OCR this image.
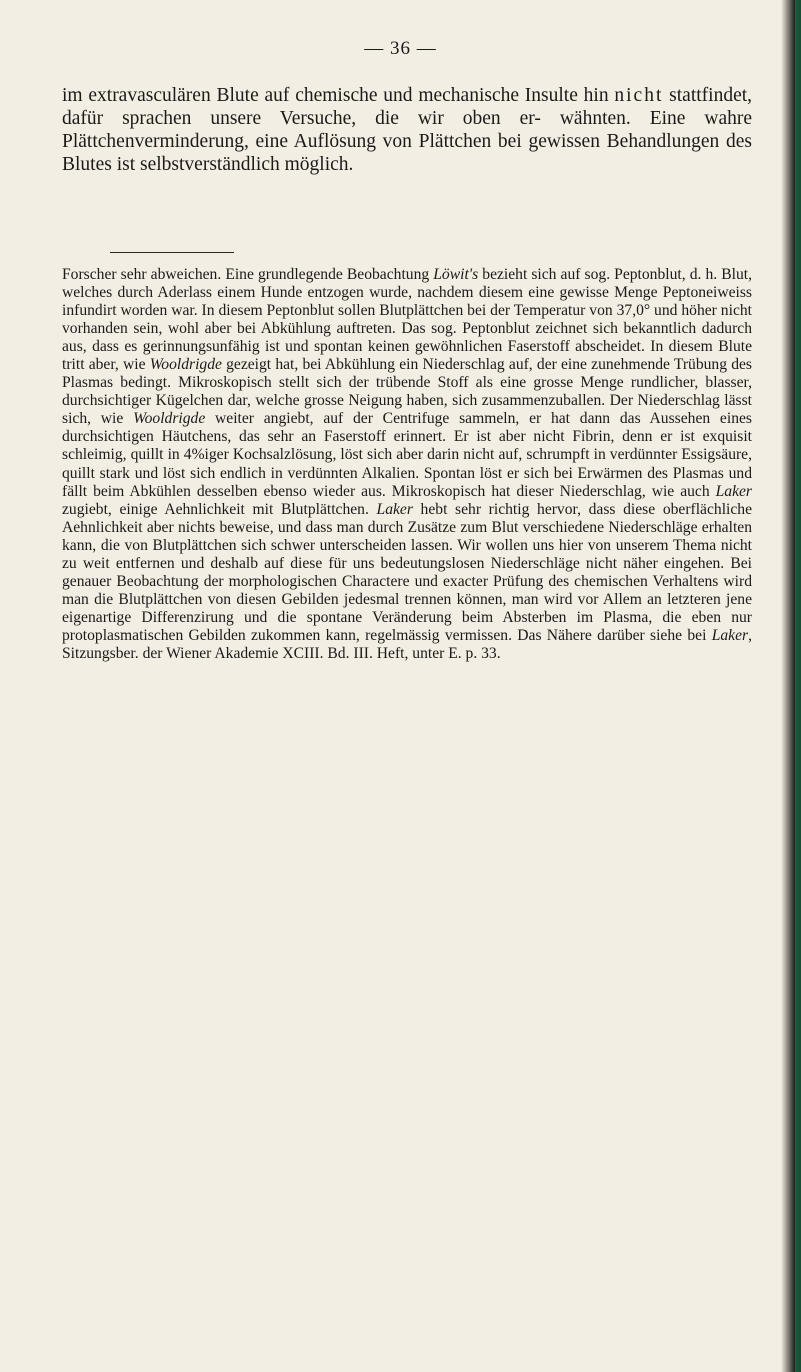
— 36 —

im extravasculären Blute auf chemische und mechanische Insulte hin nicht stattfindet, dafür sprachen unsere Versuche, die wir oben er- wähnten. Eine wahre Plättchenverminderung, eine Auflösung von Plättchen bei gewissen Behandlungen des Blutes ist selbstverständlich möglich.

Forscher sehr abweichen. Eine grundlegende Beobachtung Löwit's bezieht sich auf sog. Peptonblut, d. h. Blut, welches durch Aderlass einem Hunde entzogen wurde, nachdem diesem eine gewisse Menge Peptoneiweiss infundirt worden war. In diesem Peptonblut sollen Blutplättchen bei der Temperatur von 37,0° und höher nicht vorhanden sein, wohl aber bei Abkühlung auftreten. Das sog. Peptonblut zeichnet sich bekanntlich dadurch aus, dass es gerinnungsunfähig ist und spontan keinen gewöhnlichen Faserstoff abscheidet. In diesem Blute tritt aber, wie Wooldrigde gezeigt hat, bei Abkühlung ein Niederschlag auf, der eine zunehmende Trübung des Plasmas bedingt. Mikroskopisch stellt sich der trübende Stoff als eine grosse Menge rundlicher, blasser, durchsichtiger Kügelchen dar, welche grosse Neigung haben, sich zusammenzuballen. Der Niederschlag lässt sich, wie Wooldrigde weiter angiebt, auf der Centrifuge sammeln, er hat dann das Aussehen eines durchsichtigen Häutchens, das sehr an Faserstoff erinnert. Er ist aber nicht Fibrin, denn er ist exquisit schleimig, quillt in 4%iger Kochsalzlösung, löst sich aber darin nicht auf, schrumpft in verdünnter Essigsäure, quillt stark und löst sich endlich in verdünnten Alkalien. Spontan löst er sich bei Erwärmen des Plasmas und fällt beim Abkühlen desselben ebenso wieder aus. Mikroskopisch hat dieser Niederschlag, wie auch Laker zugiebt, einige Aehnlichkeit mit Blutplättchen. Laker hebt sehr richtig hervor, dass diese oberflächliche Aehnlichkeit aber nichts beweise, und dass man durch Zusätze zum Blut verschiedene Niederschläge erhalten kann, die von Blutplättchen sich schwer unterscheiden lassen. Wir wollen uns hier von unserem Thema nicht zu weit entfernen und deshalb auf diese für uns bedeutungslosen Niederschläge nicht näher eingehen. Bei genauer Beobachtung der morphologischen Charactere und exacter Prüfung des chemischen Verhaltens wird man die Blutplättchen von diesen Gebilden jedesmal trennen können, man wird vor Allem an letzteren jene eigenartige Differenzirung und die spontane Veränderung beim Absterben im Plasma, die eben nur protoplasmatischen Gebilden zukommen kann, regelmässig vermissen. Das Nähere darüber siehe bei Laker, Sitzungsber. der Wiener Akademie XCIII. Bd. III. Heft, unter E. p. 33.
